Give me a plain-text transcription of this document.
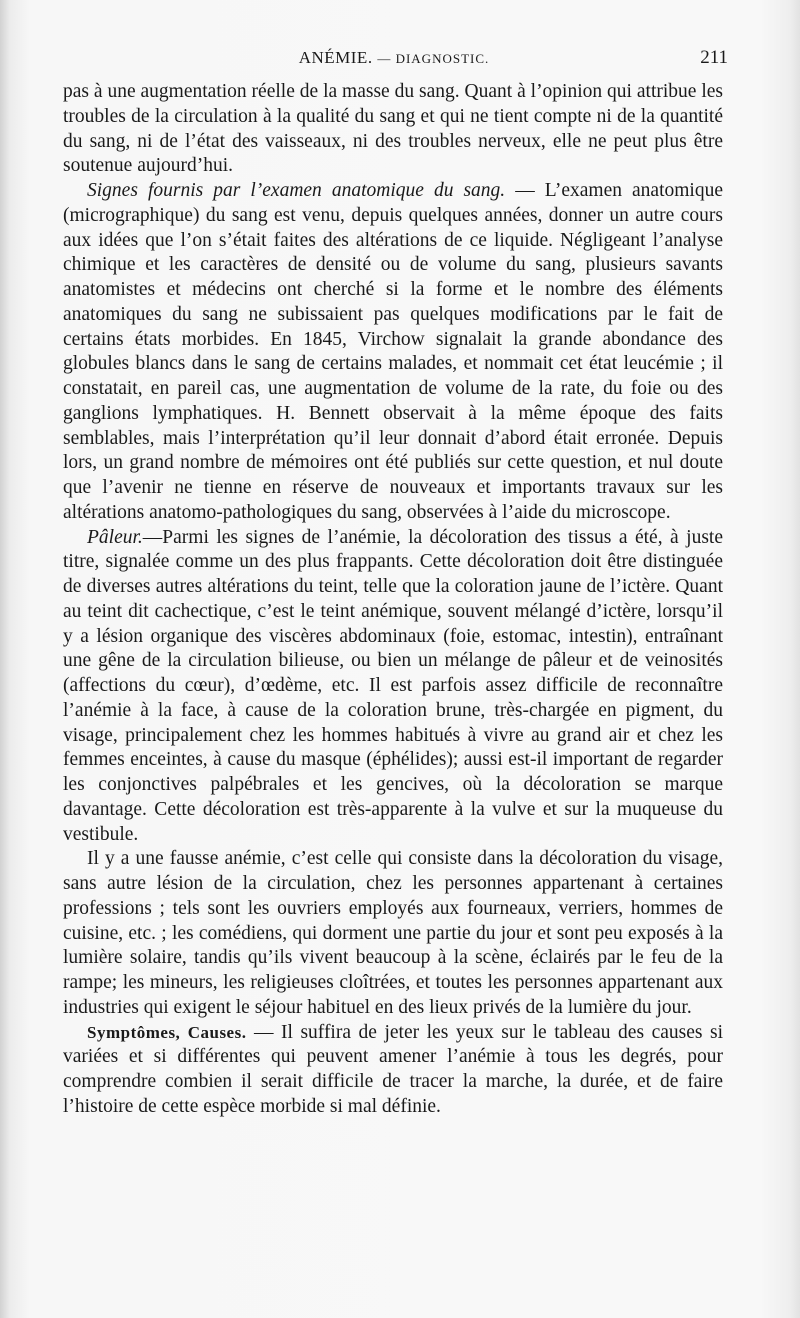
ANÉMIE. — DIAGNOSTIC.	211

pas à une augmentation réelle de la masse du sang. Quant à l’opinion qui attribue les troubles de la circulation à la qualité du sang et qui ne tient compte ni de la quantité du sang, ni de l’état des vaisseaux, ni des troubles nerveux, elle ne peut plus être soutenue aujourd’hui.

Signes fournis par l’examen anatomique du sang. — L’examen anatomique (micrographique) du sang est venu, depuis quelques années, donner un autre cours aux idées que l’on s’était faites des altérations de ce liquide. Négligeant l’analyse chimique et les caractères de densité ou de volume du sang, plusieurs savants anatomistes et médecins ont cherché si la forme et le nombre des éléments anatomiques du sang ne subissaient pas quelques modifications par le fait de certains états morbides. En 1845, Virchow signalait la grande abondance des globules blancs dans le sang de certains malades, et nommait cet état leucémie ; il constatait, en pareil cas, une augmentation de volume de la rate, du foie ou des ganglions lymphatiques. H. Bennett observait à la même époque des faits semblables, mais l’interprétation qu’il leur donnait d’abord était erronée. Depuis lors, un grand nombre de mémoires ont été publiés sur cette question, et nul doute que l’avenir ne tienne en réserve de nouveaux et importants travaux sur les altérations anatomo-pathologiques du sang, observées à l’aide du microscope.

Pâleur.—Parmi les signes de l’anémie, la décoloration des tissus a été, à juste titre, signalée comme un des plus frappants. Cette décoloration doit être distinguée de diverses autres altérations du teint, telle que la coloration jaune de l’ictère. Quant au teint dit cachectique, c’est le teint anémique, souvent mélangé d’ictère, lorsqu’il y a lésion organique des viscères abdominaux (foie, estomac, intestin), entraînant une gêne de la circulation bilieuse, ou bien un mélange de pâleur et de veinosités (affections du cœur), d’œdème, etc. Il est parfois assez difficile de reconnaître l’anémie à la face, à cause de la coloration brune, très-chargée en pigment, du visage, principalement chez les hommes habitués à vivre au grand air et chez les femmes enceintes, à cause du masque (éphélides); aussi est-il important de regarder les conjonctives palpébrales et les gencives, où la décoloration se marque davantage. Cette décoloration est très-apparente à la vulve et sur la muqueuse du vestibule.

Il y a une fausse anémie, c’est celle qui consiste dans la décoloration du visage, sans autre lésion de la circulation, chez les personnes appartenant à certaines professions ; tels sont les ouvriers employés aux fourneaux, verriers, hommes de cuisine, etc. ; les comédiens, qui dorment une partie du jour et sont peu exposés à la lumière solaire, tandis qu’ils vivent beaucoup à la scène, éclairés par le feu de la rampe; les mineurs, les religieuses cloîtrées, et toutes les personnes appartenant aux industries qui exigent le séjour habituel en des lieux privés de la lumière du jour.

Symptômes, Causes. — Il suffira de jeter les yeux sur le tableau des causes si variées et si différentes qui peuvent amener l’anémie à tous les degrés, pour comprendre combien il serait difficile de tracer la marche, la durée, et de faire l’histoire de cette espèce morbide si mal définie.
